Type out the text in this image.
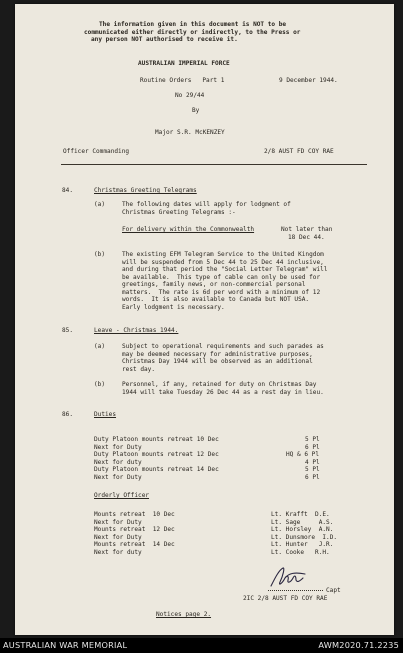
The information given in this document is NOT to be
communicated either directly or indirectly, to the Press or
any person NOT authorised to receive it.
AUSTRALIAN IMPERIAL FORCE
Routine Orders   Part 1	9 December 1944.
No 29/44
By
Major S.R. McKENZEY
Officer Commanding	2/8 AUST FD COY RAE
84.	Christmas Greeting Telegrams
(a)	The following dates will apply for lodgment of
Christmas Greeting Telegrams :-
For delivery within the Commonwealth	Not later than
18 Dec 44.
(b)	The existing EFM Telegram Service to the United Kingdom
will be suspended from 5 Dec 44 to 25 Dec 44 inclusive,
and during that period the "Social Letter Telegram" will
be available.  This type of cable can only be used for
greetings, family news, or non-commercial personal
matters.  The rate is 6d per word with a minimum of 12
words.  It is also available to Canada but NOT USA.
Early lodgment is necessary.
85.	Leave - Christmas 1944.
(a)	Subject to operational requirements and such parades as
may be deemed necessary for administrative purposes,
Christmas Day 1944 will be observed as an additional
rest day.
(b)	Personnel, if any, retained for duty on Christmas Day
1944 will take Tuesday 26 Dec 44 as a rest day in lieu.
86.	Duties
Duty Platoon mounts retreat 10 Dec	5 Pl
Next for Duty	6 Pl
Duty Platoon mounts retreat 12 Dec	HQ & 6 Pl
Next for duty	4 Pl
Duty Platoon mounts retreat 14 Dec	5 Pl
Next for Duty	6 Pl
Orderly Officer
Mounts retreat  10 Dec	Lt. Krafft  D.E.
Next for Duty	Lt. Sage     A.S.
Mounts retreat  12 Dec	Lt. Horsley  A.N.
Next for Duty	Lt. Dunsmore  I.D.
Mounts retreat  14 Dec	Lt. Hunter   J.R.
Next for duty	Lt. Cooke   R.H.
Capt
2IC 2/8 AUST FD COY RAE
Notices page 2.
AUSTRALIAN WAR MEMORIAL	AWM2020.71.2235
